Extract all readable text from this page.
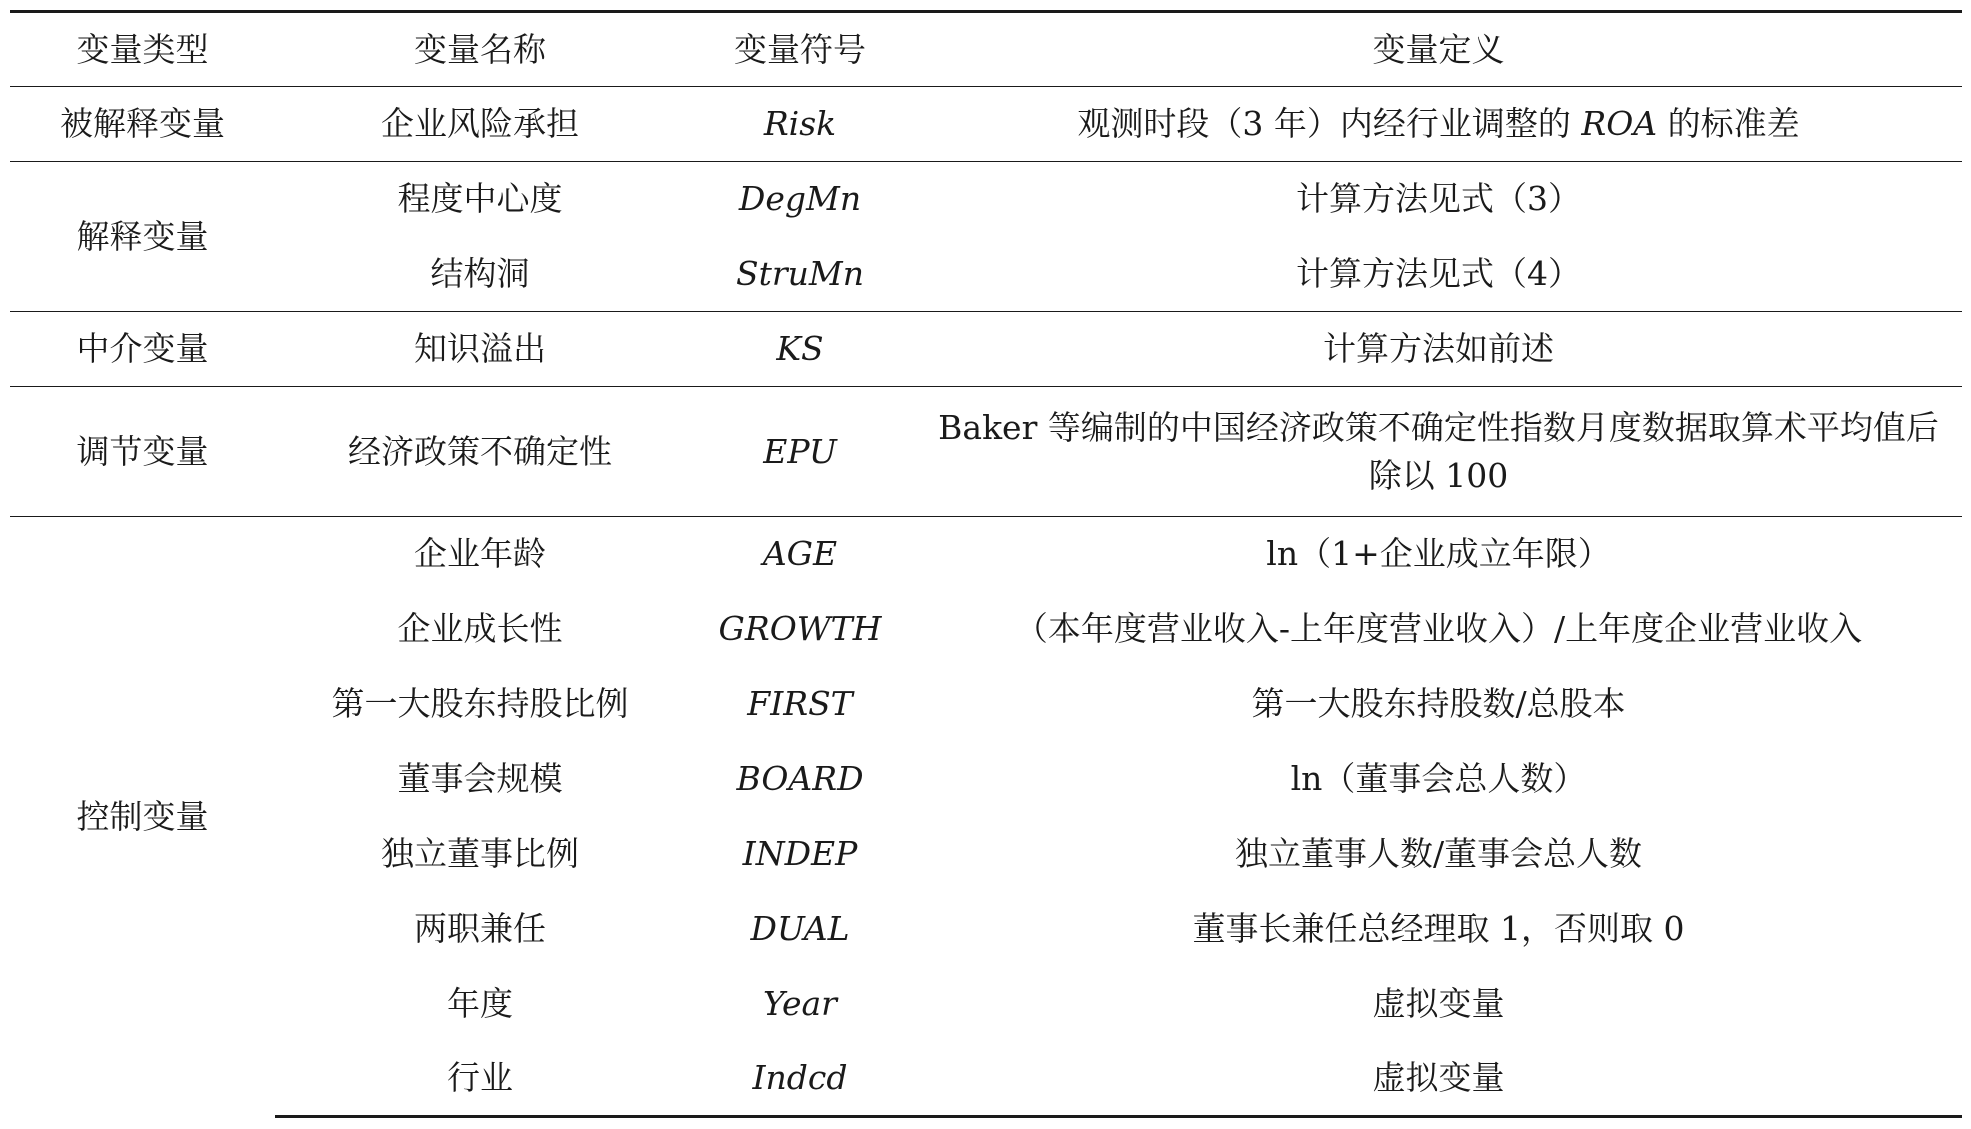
变量类型	变量名称	变量符号	变量定义
被解释变量	企业风险承担	Risk	观测时段（3 年）内经行业调整的 ROA 的标准差
解释变量	程度中心度	DegMn	计算方法见式（3）
	结构洞	StruMn	计算方法见式（4）
中介变量	知识溢出	KS	计算方法如前述
调节变量	经济政策不确定性	EPU	Baker 等编制的中国经济政策不确定性指数月度数据取算术平均值后除以 100
控制变量	企业年龄	AGE	ln（1+企业成立年限）
	企业成长性	GROWTH	（本年度营业收入-上年度营业收入）/上年度企业营业收入
	第一大股东持股比例	FIRST	第一大股东持股数/总股本
	董事会规模	BOARD	ln（董事会总人数）
	独立董事比例	INDEP	独立董事人数/董事会总人数
	两职兼任	DUAL	董事长兼任总经理取 1，否则取 0
	年度	Year	虚拟变量
	行业	Indcd	虚拟变量
